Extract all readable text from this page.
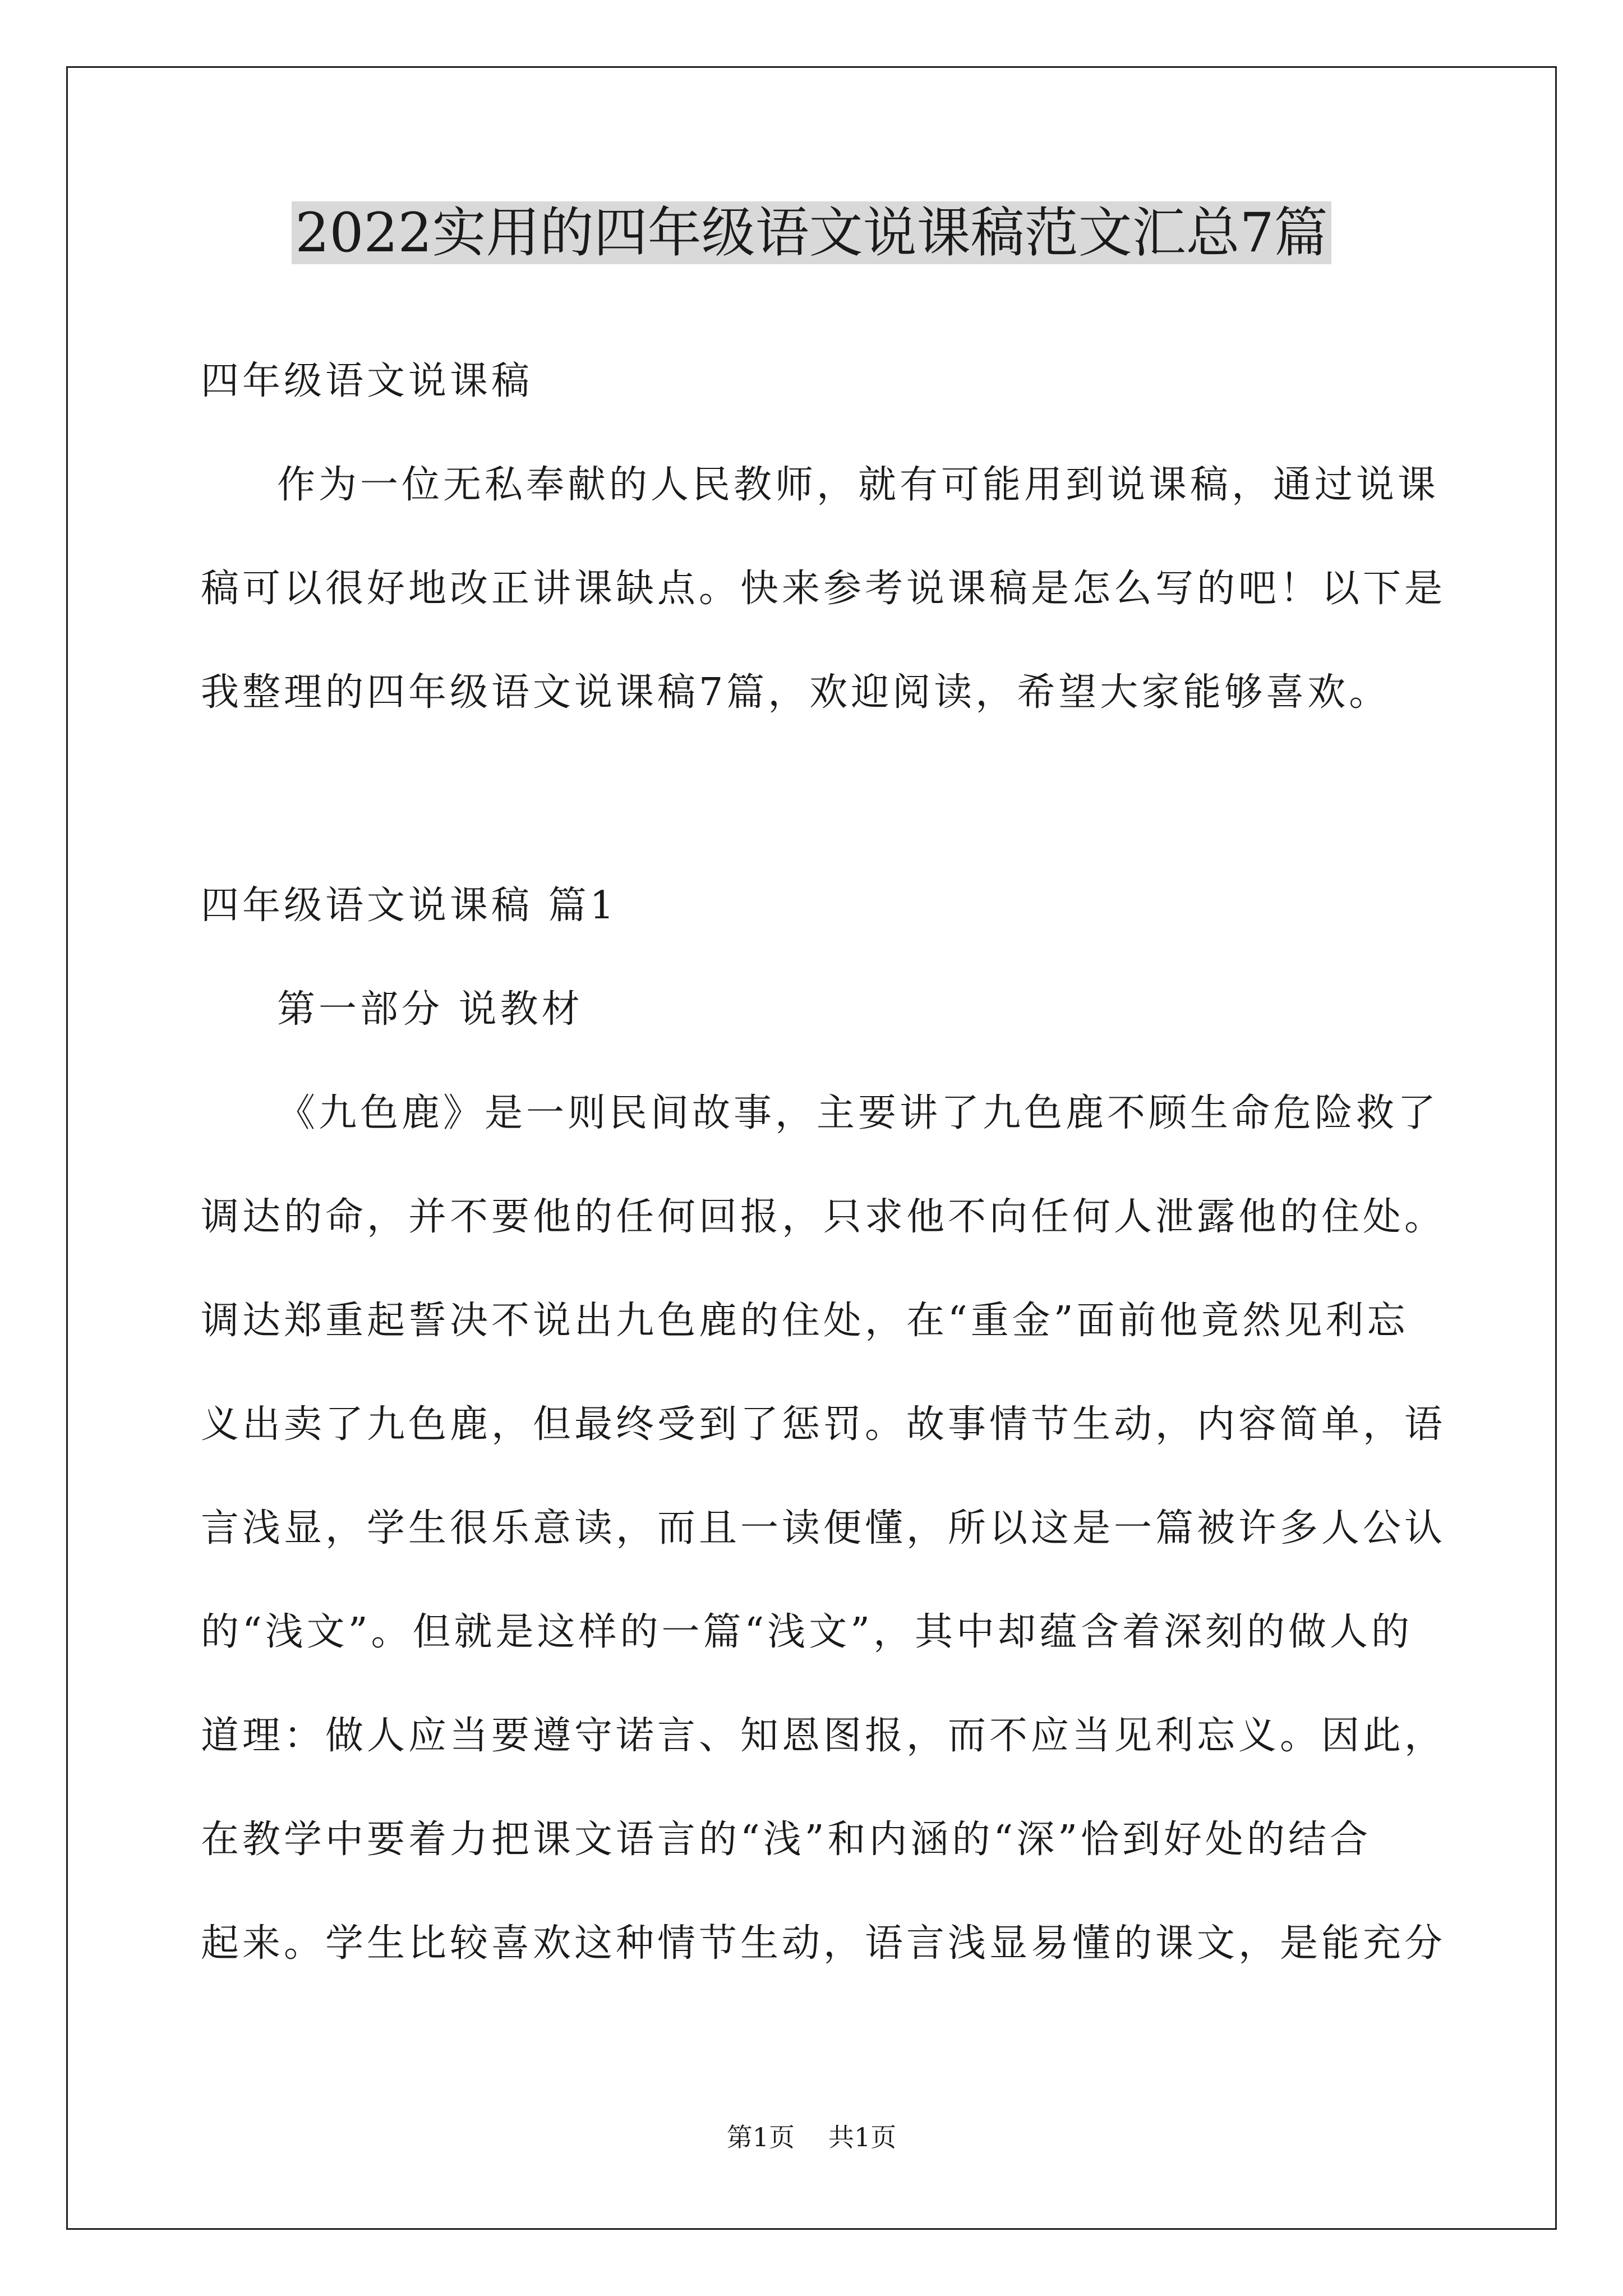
2022实用的四年级语文说课稿范文汇总7篇
四年级语文说课稿
作为一位无私奉献的人民教师，就有可能用到说课稿，通过说课
稿可以很好地改正讲课缺点。快来参考说课稿是怎么写的吧！以下是
我整理的四年级语文说课稿7篇，欢迎阅读，希望大家能够喜欢。
四年级语文说课稿 篇1
第一部分 说教材
《九色鹿》是一则民间故事，主要讲了九色鹿不顾生命危险救了
调达的命，并不要他的任何回报，只求他不向任何人泄露他的住处。
调达郑重起誓决不说出九色鹿的住处，在“重金”面前他竟然见利忘
义出卖了九色鹿，但最终受到了惩罚。故事情节生动，内容简单，语
言浅显，学生很乐意读，而且一读便懂，所以这是一篇被许多人公认
的“浅文”。但就是这样的一篇“浅文”，其中却蕴含着深刻的做人的
道理：做人应当要遵守诺言、知恩图报，而不应当见利忘义。因此，
在教学中要着力把课文语言的“浅”和内涵的“深”恰到好处的结合
起来。学生比较喜欢这种情节生动，语言浅显易懂的课文，是能充分
第1页 共1页
